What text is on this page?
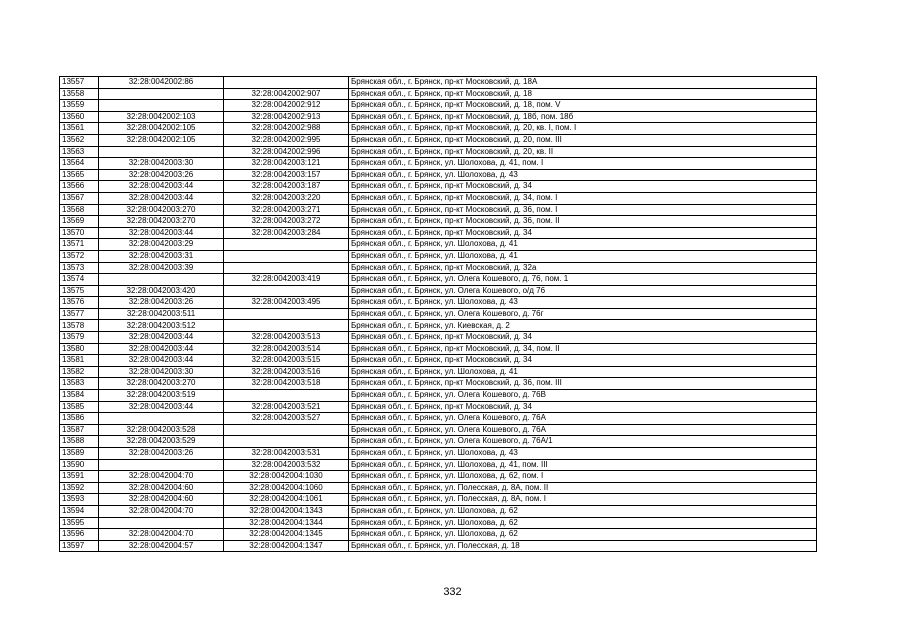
13557	32:28:0042002:86		Брянская обл., г. Брянск, пр-кт Московский, д. 18А
13558		32:28:0042002:907	Брянская обл., г. Брянск, пр-кт Московский, д. 18
13559		32:28:0042002:912	Брянская обл., г. Брянск, пр-кт Московский, д. 18, пом. V
13560	32:28:0042002:103	32:28:0042002:913	Брянская обл., г. Брянск, пр-кт Московский, д. 18б, пом. 18б
13561	32:28:0042002:105	32:28:0042002:988	Брянская обл., г. Брянск, пр-кт Московский, д. 20, кв. I, пом. I
13562	32:28:0042002:105	32:28:0042002:995	Брянская обл., г. Брянск, пр-кт Московский, д. 20, пом. III
13563		32:28:0042002:996	Брянская обл., г. Брянск, пр-кт Московский, д. 20, кв. II
13564	32:28:0042003:30	32:28:0042003:121	Брянская обл., г. Брянск, ул. Шолохова, д. 41, пом. I
13565	32:28:0042003:26	32:28:0042003:157	Брянская обл., г. Брянск, ул. Шолохова, д. 43
13566	32:28:0042003:44	32:28:0042003:187	Брянская обл., г. Брянск, пр-кт Московский, д. 34
13567	32:28:0042003:44	32:28:0042003:220	Брянская обл., г. Брянск, пр-кт Московский, д. 34, пом. I
13568	32:28:0042003:270	32:28:0042003:271	Брянская обл., г. Брянск, пр-кт Московский, д. 36, пом. I
13569	32:28:0042003:270	32:28:0042003:272	Брянская обл., г. Брянск, пр-кт Московский, д. 36, пом. II
13570	32:28:0042003:44	32:28:0042003:284	Брянская обл., г. Брянск, пр-кт Московский, д. 34
13571	32:28:0042003:29		Брянская обл., г. Брянск, ул. Шолохова, д. 41
13572	32:28:0042003:31		Брянская обл., г. Брянск, ул. Шолохова, д. 41
13573	32:28:0042003:39		Брянская обл., г. Брянск, пр-кт Московский, д. 32а
13574		32:28:0042003:419	Брянская обл., г. Брянск, ул. Олега Кошевого, д. 76, пом. 1
13575	32:28:0042003:420		Брянская обл., г. Брянск, ул. Олега Кошевого, о/д 76
13576	32:28:0042003:26	32:28:0042003:495	Брянская обл., г. Брянск, ул. Шолохова, д. 43
13577	32:28:0042003:511		Брянская обл., г. Брянск, ул. Олега Кошевого, д. 76г
13578	32:28:0042003:512		Брянская обл., г. Брянск, ул. Киевская, д. 2
13579	32:28:0042003:44	32:28:0042003:513	Брянская обл., г. Брянск, пр-кт Московский, д. 34
13580	32:28:0042003:44	32:28:0042003:514	Брянская обл., г. Брянск, пр-кт Московский, д. 34, пом. II
13581	32:28:0042003:44	32:28:0042003:515	Брянская обл., г. Брянск, пр-кт Московский, д. 34
13582	32:28:0042003:30	32:28:0042003:516	Брянская обл., г. Брянск, ул. Шолохова, д. 41
13583	32:28:0042003:270	32:28:0042003:518	Брянская обл., г. Брянск, пр-кт Московский, д. 36, пом. III
13584	32:28:0042003:519		Брянская обл., г. Брянск, ул. Олега Кошевого, д. 76В
13585	32:28:0042003:44	32:28:0042003:521	Брянская обл., г. Брянск, пр-кт Московский, д. 34
13586		32:28:0042003:527	Брянская обл., г. Брянск, ул. Олега Кошевого, д. 76А
13587	32:28:0042003:528		Брянская обл., г. Брянск, ул. Олега Кошевого, д. 76А
13588	32:28:0042003:529		Брянская обл., г. Брянск, ул. Олега Кошевого, д. 76А/1
13589	32:28:0042003:26	32:28:0042003:531	Брянская обл., г. Брянск, ул. Шолохова, д. 43
13590		32:28:0042003:532	Брянская обл., г. Брянск, ул. Шолохова, д. 41, пом. III
13591	32:28:0042004:70	32:28:0042004:1030	Брянская обл., г. Брянск, ул. Шолохова, д. 62, пом. I
13592	32:28:0042004:60	32:28:0042004:1060	Брянская обл., г. Брянск, ул. Полесская, д. 8А, пом. II
13593	32:28:0042004:60	32:28:0042004:1061	Брянская обл., г. Брянск, ул. Полесская, д. 8А, пом. I
13594	32:28:0042004:70	32:28:0042004:1343	Брянская обл., г. Брянск, ул. Шолохова, д. 62
13595		32:28:0042004:1344	Брянская обл., г. Брянск, ул. Шолохова, д. 62
13596	32:28:0042004:70	32:28:0042004:1345	Брянская обл., г. Брянск, ул. Шолохова, д. 62
13597	32:28:0042004:57	32:28:0042004:1347	Брянская обл., г. Брянск, ул. Полесская, д. 18
332
